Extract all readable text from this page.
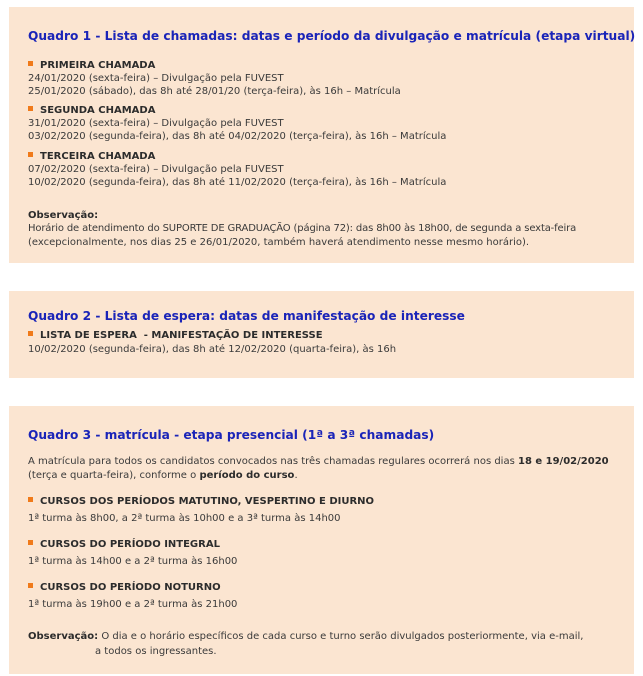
Quadro 1 - Lista de chamadas: datas e período da divulgação e matrícula (etapa virtual)
PRIMEIRA CHAMADA
24/01/2020 (sexta-feira) – Divulgação pela FUVEST
25/01/2020 (sábado), das 8h até 28/01/20 (terça-feira), às 16h – Matrícula
SEGUNDA CHAMADA
31/01/2020 (sexta-feira) – Divulgação pela FUVEST
03/02/2020 (segunda-feira), das 8h até 04/02/2020 (terça-feira), às 16h – Matrícula
TERCEIRA CHAMADA
07/02/2020 (sexta-feira) – Divulgação pela FUVEST
10/02/2020 (segunda-feira), das 8h até 11/02/2020 (terça-feira), às 16h – Matrícula
Observação:
Horário de atendimento do SUPORTE DE GRADUAÇÃO (página 72): das 8h00 às 18h00, de segunda a sexta-feira
(excepcionalmente, nos dias 25 e 26/01/2020, também haverá atendimento nesse mesmo horário).
Quadro 2 - Lista de espera: datas de manifestação de interesse
LISTA DE ESPERA  - MANIFESTAÇÃO DE INTERESSE
10/02/2020 (segunda-feira), das 8h até 12/02/2020 (quarta-feira), às 16h
Quadro 3 - matrícula - etapa presencial (1ª a 3ª chamadas)
A matrícula para todos os candidatos convocados nas três chamadas regulares ocorrerá nos dias 18 e 19/02/2020
(terça e quarta-feira), conforme o período do curso.
CURSOS DOS PERÍODOS MATUTINO, VESPERTINO E DIURNO
1ª turma às 8h00, a 2ª turma às 10h00 e a 3ª turma às 14h00
CURSOS DO PERÍODO INTEGRAL
1ª turma às 14h00 e a 2ª turma às 16h00
CURSOS DO PERÍODO NOTURNO
1ª turma às 19h00 e a 2ª turma às 21h00
Observação: O dia e o horário específicos de cada curso e turno serão divulgados posteriormente, via e-mail,
a todos os ingressantes.
